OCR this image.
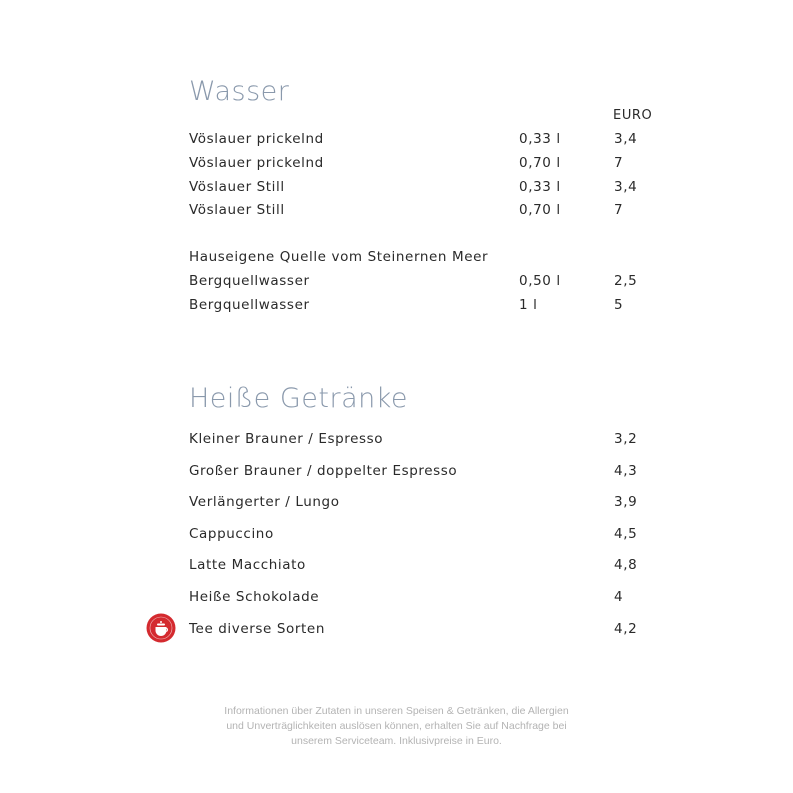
Wasser
EURO
Vöslauer prickelnd	0,33 l	3,4
Vöslauer prickelnd	0,70 l	7
Vöslauer Still	0,33 l	3,4
Vöslauer Still	0,70 l	7
Hauseigene Quelle vom Steinernen Meer
Bergquellwasser	0,50 l	2,5
Bergquellwasser	1 l	5
Heiße Getränke
Kleiner Brauner / Espresso	3,2
Großer Brauner / doppelter Espresso	4,3
Verlängerter / Lungo	3,9
Cappuccino	4,5
Latte Macchiato	4,8
Heiße Schokolade	4
Tee diverse Sorten	4,2
Informationen über Zutaten in unseren Speisen & Getränken, die Allergien
und Unverträglichkeiten auslösen können, erhalten Sie auf Nachfrage bei
unserem Serviceteam. Inklusivpreise in Euro.
